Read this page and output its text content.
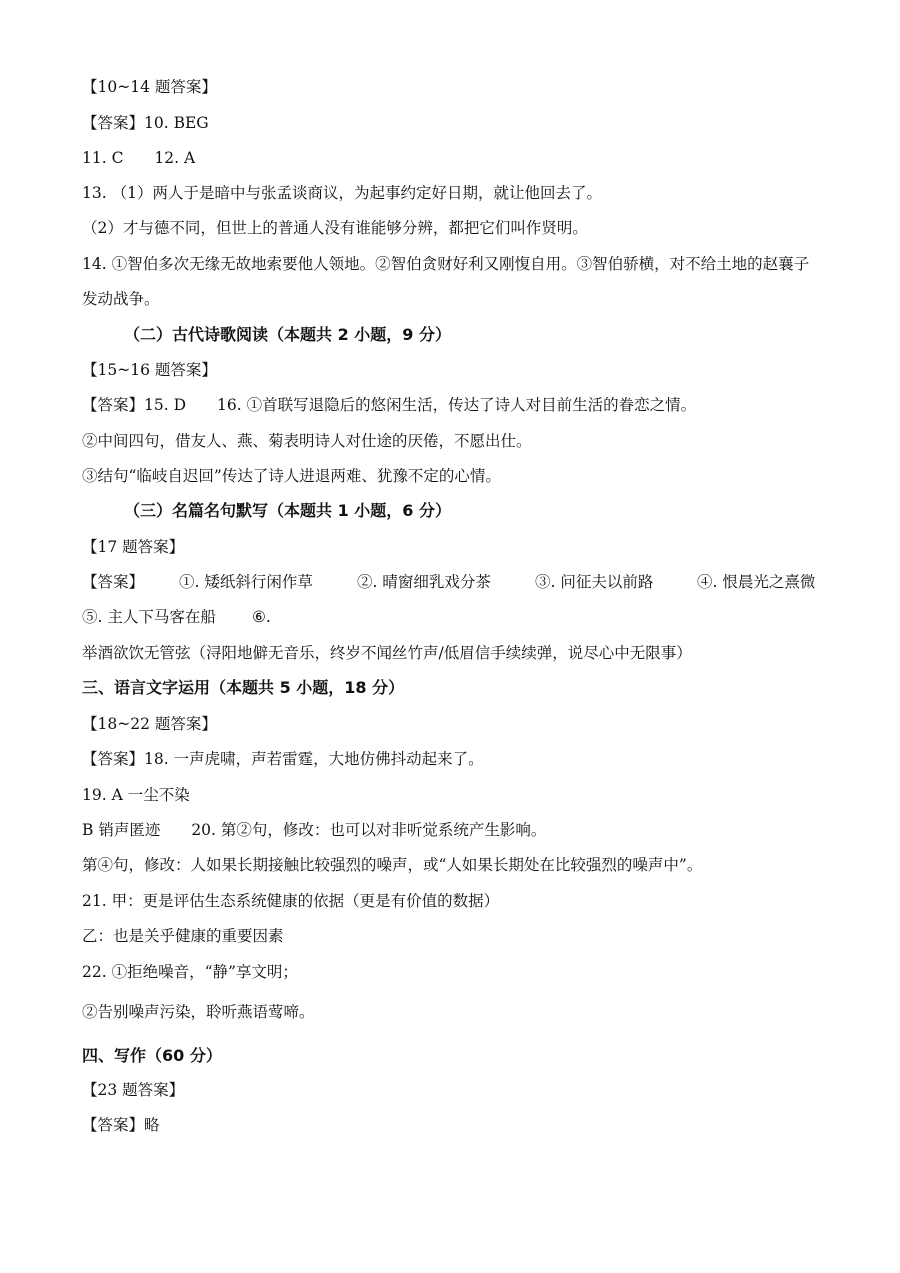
【10~14 题答案】
【答案】10. BEG
11. C　　12. A
13. （1）两人于是暗中与张孟谈商议，为起事约定好日期，就让他回去了。
（2）才与德不同，但世上的普通人没有谁能够分辨，都把它们叫作贤明。
14. ①智伯多次无缘无故地索要他人领地。②智伯贪财好利又刚愎自用。③智伯骄横，对不给土地的赵襄子
发动战争。
（二）古代诗歌阅读（本题共 2 小题，9 分）
【15~16 题答案】
【答案】15. D　　16. ①首联写退隐后的悠闲生活，传达了诗人对目前生活的眷恋之情。
②中间四句，借友人、燕、菊表明诗人对仕途的厌倦，不愿出仕。
③结句“临岐自迟回”传达了诗人进退两难、犹豫不定的心情。
（三）名篇名句默写（本题共 1 小题，6 分）
【17 题答案】
【答案】 ①. 矮纸斜行闲作草	②. 晴窗细乳戏分茶	③. 问征夫以前路	④. 恨晨光之熹微
⑤. 主人下马客在船 ⑥.
举酒欲饮无管弦（浔阳地僻无音乐，终岁不闻丝竹声/低眉信手续续弹，说尽心中无限事）
三、语言文字运用（本题共 5 小题，18 分）
【18~22 题答案】
【答案】18. 一声虎啸，声若雷霆，大地仿佛抖动起来了。
19. A 一尘不染
B 销声匿迹　　20. 第②句，修改：也可以对非听觉系统产生影响。
第④句，修改：人如果长期接触比较强烈的噪声，或“人如果长期处在比较强烈的噪声中”。
21. 甲：更是评估生态系统健康的依据（更是有价值的数据）
乙：也是关乎健康的重要因素
22. ①拒绝噪音，“静”享文明；
②告别噪声污染，聆听燕语莺啼。
四、写作（60 分）
【23 题答案】
【答案】略
